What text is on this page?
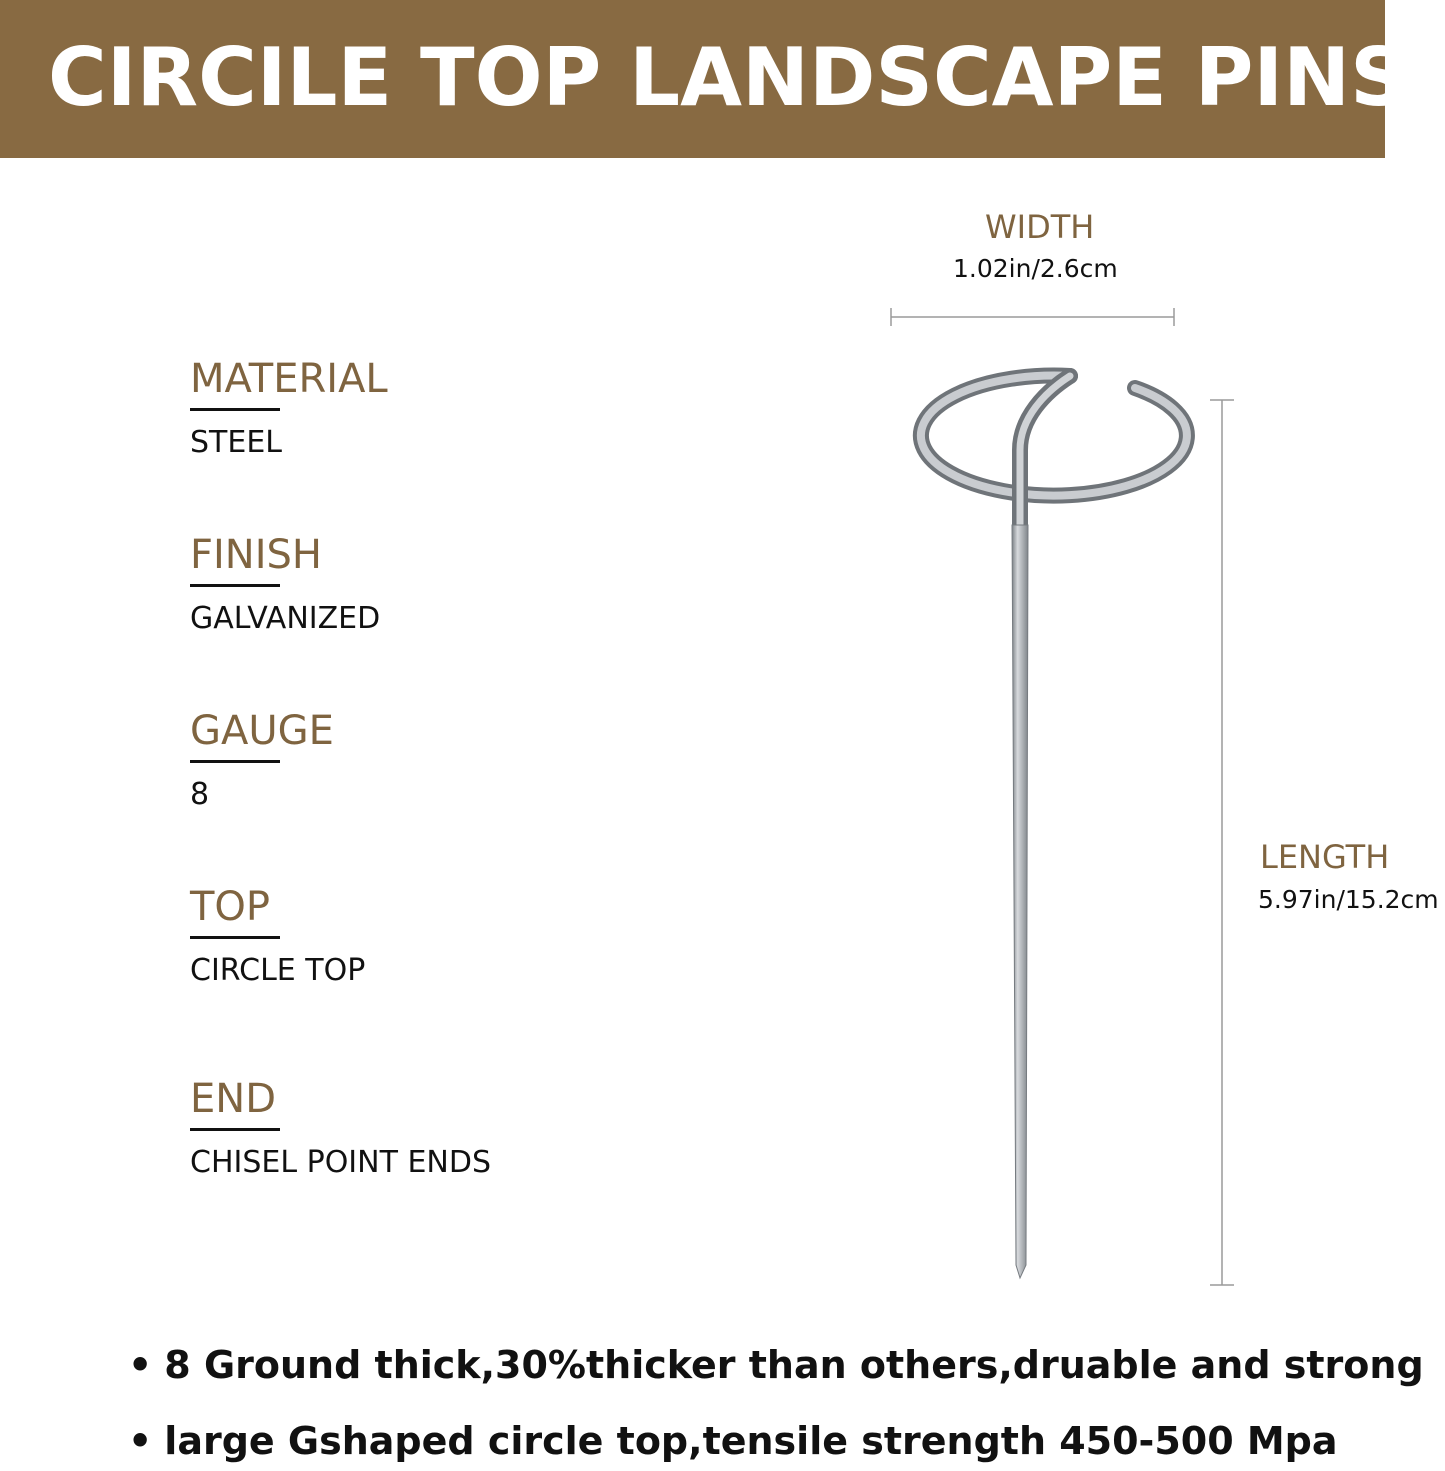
CIRCILE TOP LANDSCAPE PINS
MATERIAL
STEEL
FINISH
GALVANIZED
GAUGE
8
TOP
CIRCLE TOP
END
CHISEL POINT ENDS
WIDTH
1.02in/2.6cm
LENGTH
5.97in/15.2cm
• 8 Ground thick,30%thicker than others,druable and strong
• large Gshaped circle top,tensile strength 450-500 Mpa
